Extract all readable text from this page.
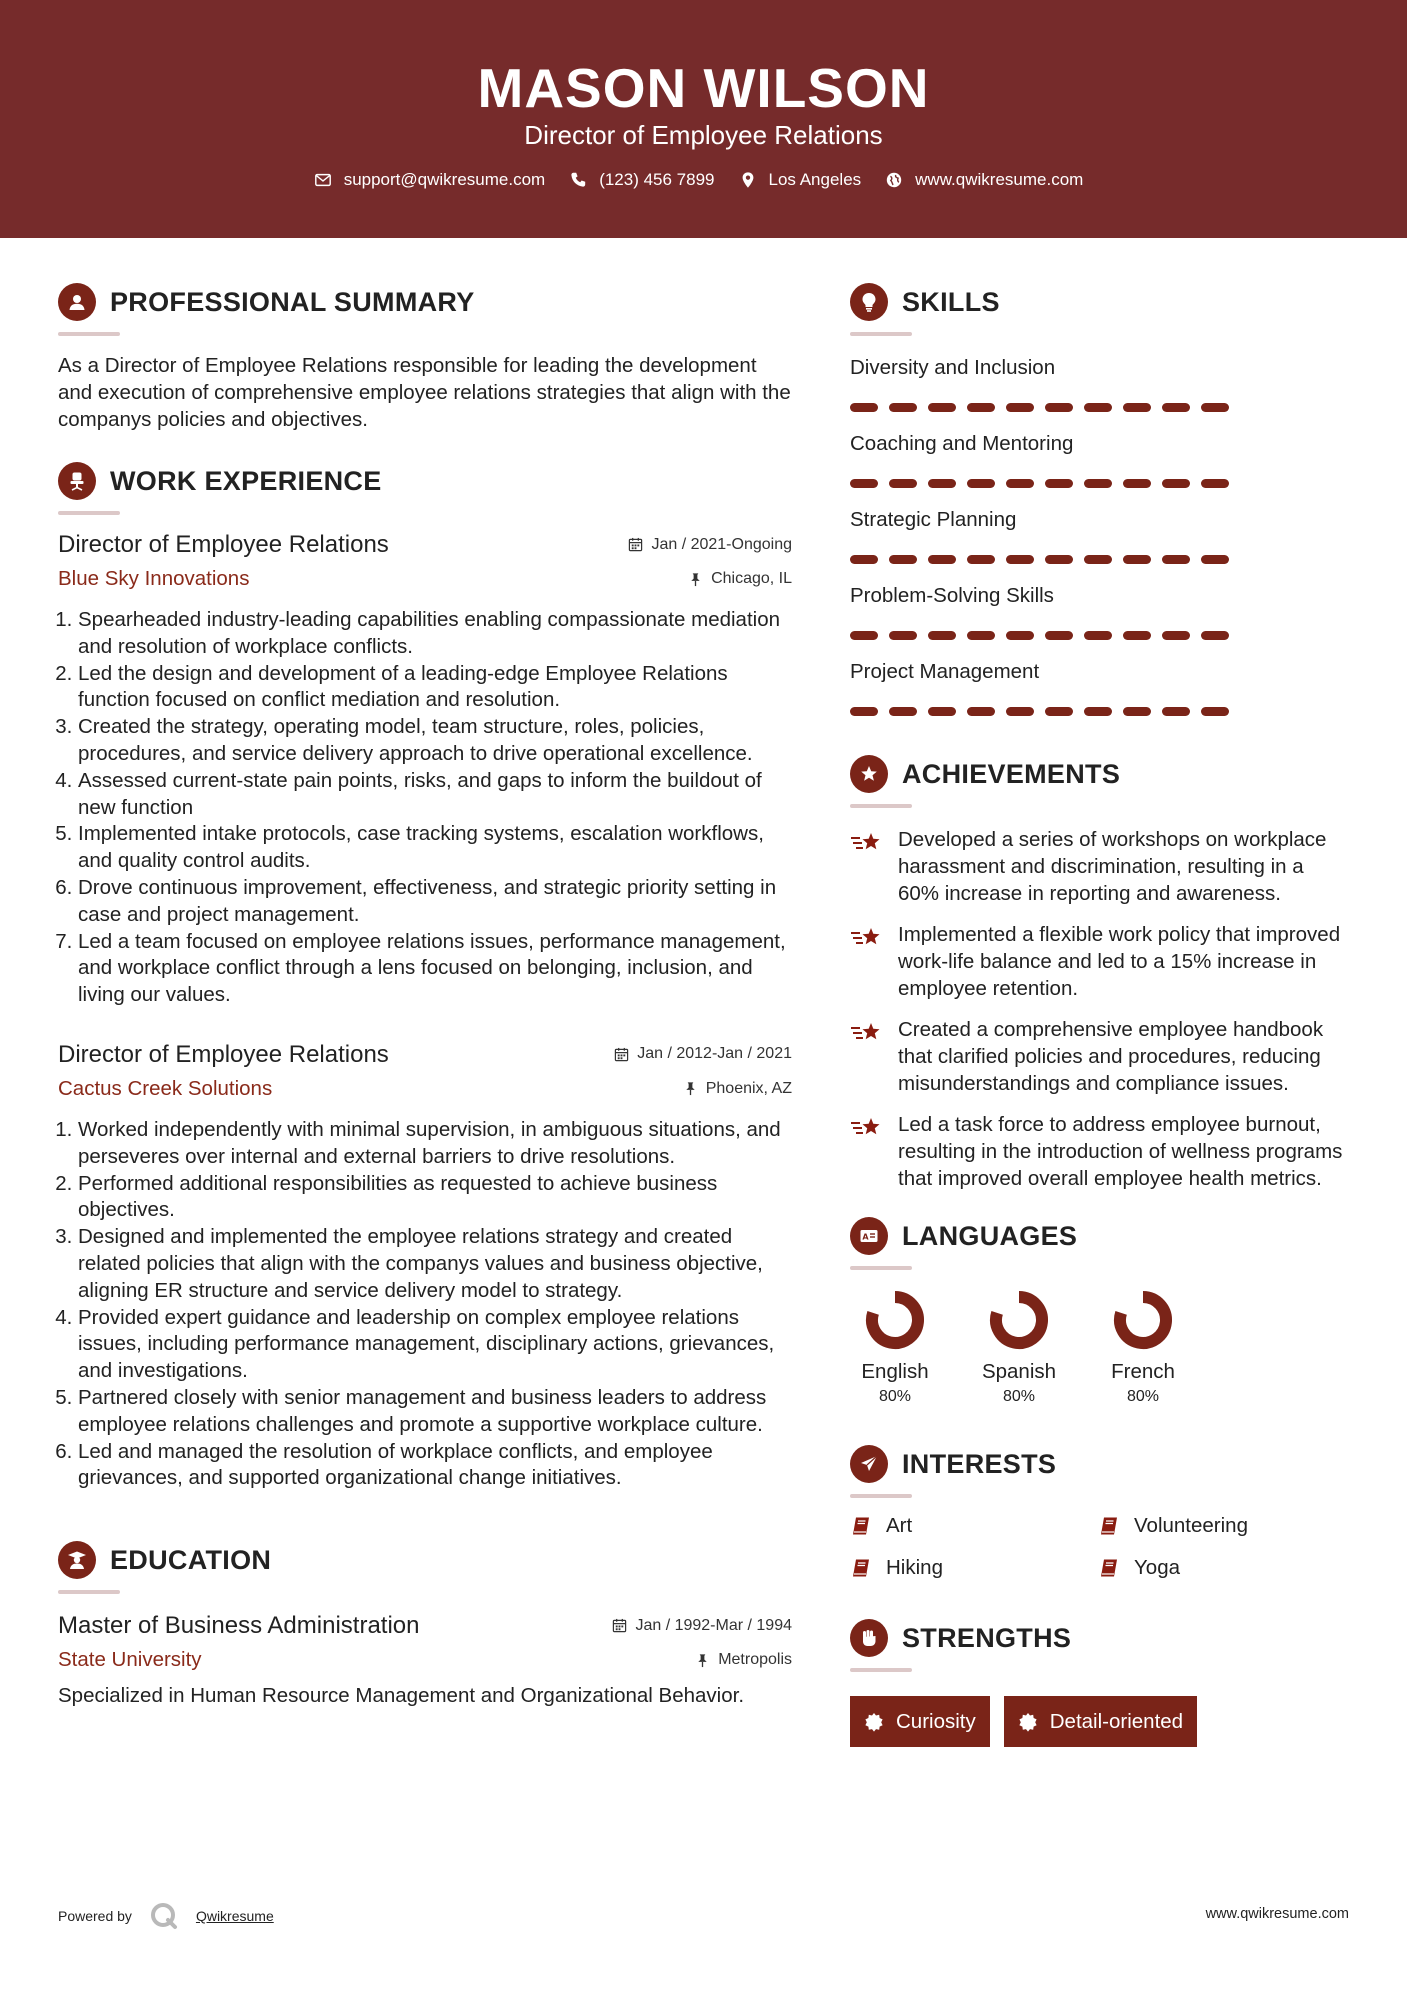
MASON WILSON
Director of Employee Relations
support@qwikresume.com	(123) 456 7899	Los Angeles	www.qwikresume.com
PROFESSIONAL SUMMARY

As a Director of Employee Relations responsible for leading the development and execution of comprehensive employee relations strategies that align with the companys policies and objectives.

WORK EXPERIENCE
Director of Employee Relations	Jan / 2021-Ongoing
Blue Sky Innovations	Chicago, IL
1. Spearheaded industry-leading capabilities enabling compassionate mediation and resolution of workplace conflicts.
2. Led the design and development of a leading-edge Employee Relations function focused on conflict mediation and resolution.
3. Created the strategy, operating model, team structure, roles, policies, procedures, and service delivery approach to drive operational excellence.
4. Assessed current-state pain points, risks, and gaps to inform the buildout of new function
5. Implemented intake protocols, case tracking systems, escalation workflows, and quality control audits.
6. Drove continuous improvement, effectiveness, and strategic priority setting in case and project management.
7. Led a team focused on employee relations issues, performance management, and workplace conflict through a lens focused on belonging, inclusion, and living our values.
Director of Employee Relations	Jan / 2012-Jan / 2021
Cactus Creek Solutions	Phoenix, AZ
1. Worked independently with minimal supervision, in ambiguous situations, and perseveres over internal and external barriers to drive resolutions.
2. Performed additional responsibilities as requested to achieve business objectives.
3. Designed and implemented the employee relations strategy and created related policies that align with the companys values and business objective, aligning ER structure and service delivery model to strategy.
4. Provided expert guidance and leadership on complex employee relations issues, including performance management, disciplinary actions, grievances, and investigations.
5. Partnered closely with senior management and business leaders to address employee relations challenges and promote a supportive workplace culture.
6. Led and managed the resolution of workplace conflicts, and employee grievances, and supported organizational change initiatives.
EDUCATION
Master of Business Administration	Jan / 1992-Mar / 1994
State University	Metropolis

Specialized in Human Resource Management and Organizational Behavior.

SKILLS
Diversity and Inclusion
Coaching and Mentoring
Strategic Planning
Problem-Solving Skills
Project Management
ACHIEVEMENTS
Developed a series of workshops on workplace harassment and discrimination, resulting in a 60% increase in reporting and awareness.
Implemented a flexible work policy that improved work-life balance and led to a 15% increase in employee retention.
Created a comprehensive employee handbook that clarified policies and procedures, reducing misunderstandings and compliance issues.
Led a task force to address employee burnout, resulting in the introduction of wellness programs that improved overall employee health metrics.
A LANGUAGES
English
80%
Spanish
80%
French
80%
INTERESTS
Art	Volunteering
Hiking	Yoga
STRENGTHS
Curiosity	Detail-oriented
Powered by	Qwikresume	www.qwikresume.com
